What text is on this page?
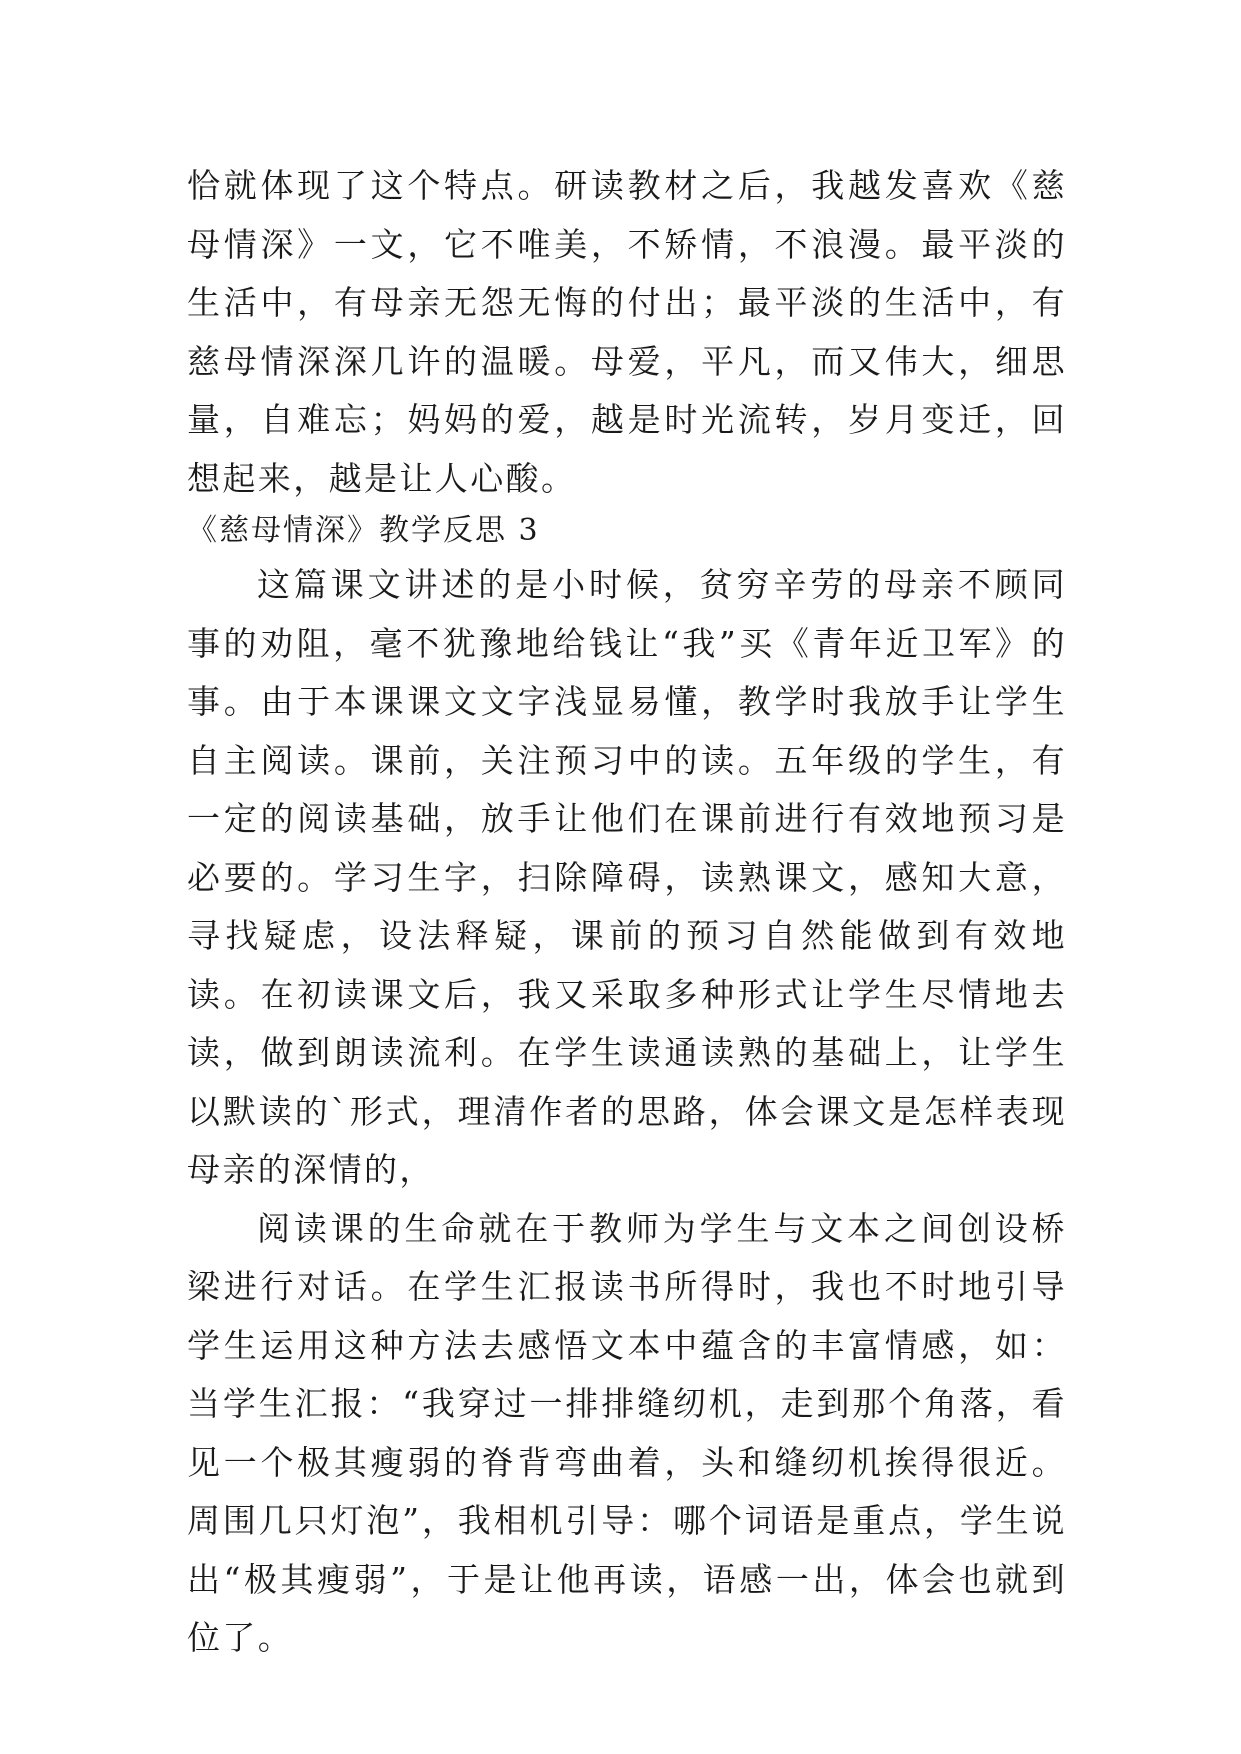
恰就体现了这个特点。研读教材之后，我越发喜欢《慈母情深》一文，它不唯美，不矫情，不浪漫。最平淡的生活中，有母亲无怨无悔的付出；最平淡的生活中，有慈母情深深几许的温暖。母爱，平凡，而又伟大，细思量，自难忘；妈妈的爱，越是时光流转，岁月变迁，回想起来，越是让人心酸。

《慈母情深》教学反思 3

这篇课文讲述的是小时候，贫穷辛劳的母亲不顾同事的劝阻，毫不犹豫地给钱让“我”买《青年近卫军》的事。由于本课课文文字浅显易懂，教学时我放手让学生自主阅读。课前，关注预习中的读。五年级的学生，有一定的阅读基础，放手让他们在课前进行有效地预习是必要的。学习生字，扫除障碍，读熟课文，感知大意，寻找疑虑，设法释疑，课前的预习自然能做到有效地读。在初读课文后，我又采取多种形式让学生尽情地去读，做到朗读流利。在学生读通读熟的基础上，让学生以默读的`形式，理清作者的思路，体会课文是怎样表现母亲的深情的，

阅读课的生命就在于教师为学生与文本之间创设桥梁进行对话。在学生汇报读书所得时，我也不时地引导学生运用这种方法去感悟文本中蕴含的丰富情感，如：当学生汇报：“我穿过一排排缝纫机，走到那个角落，看见一个极其瘦弱的脊背弯曲着，头和缝纫机挨得很近。周围几只灯泡”，我相机引导：哪个词语是重点，学生说出“极其瘦弱”，于是让他再读，语感一出，体会也就到位了。
